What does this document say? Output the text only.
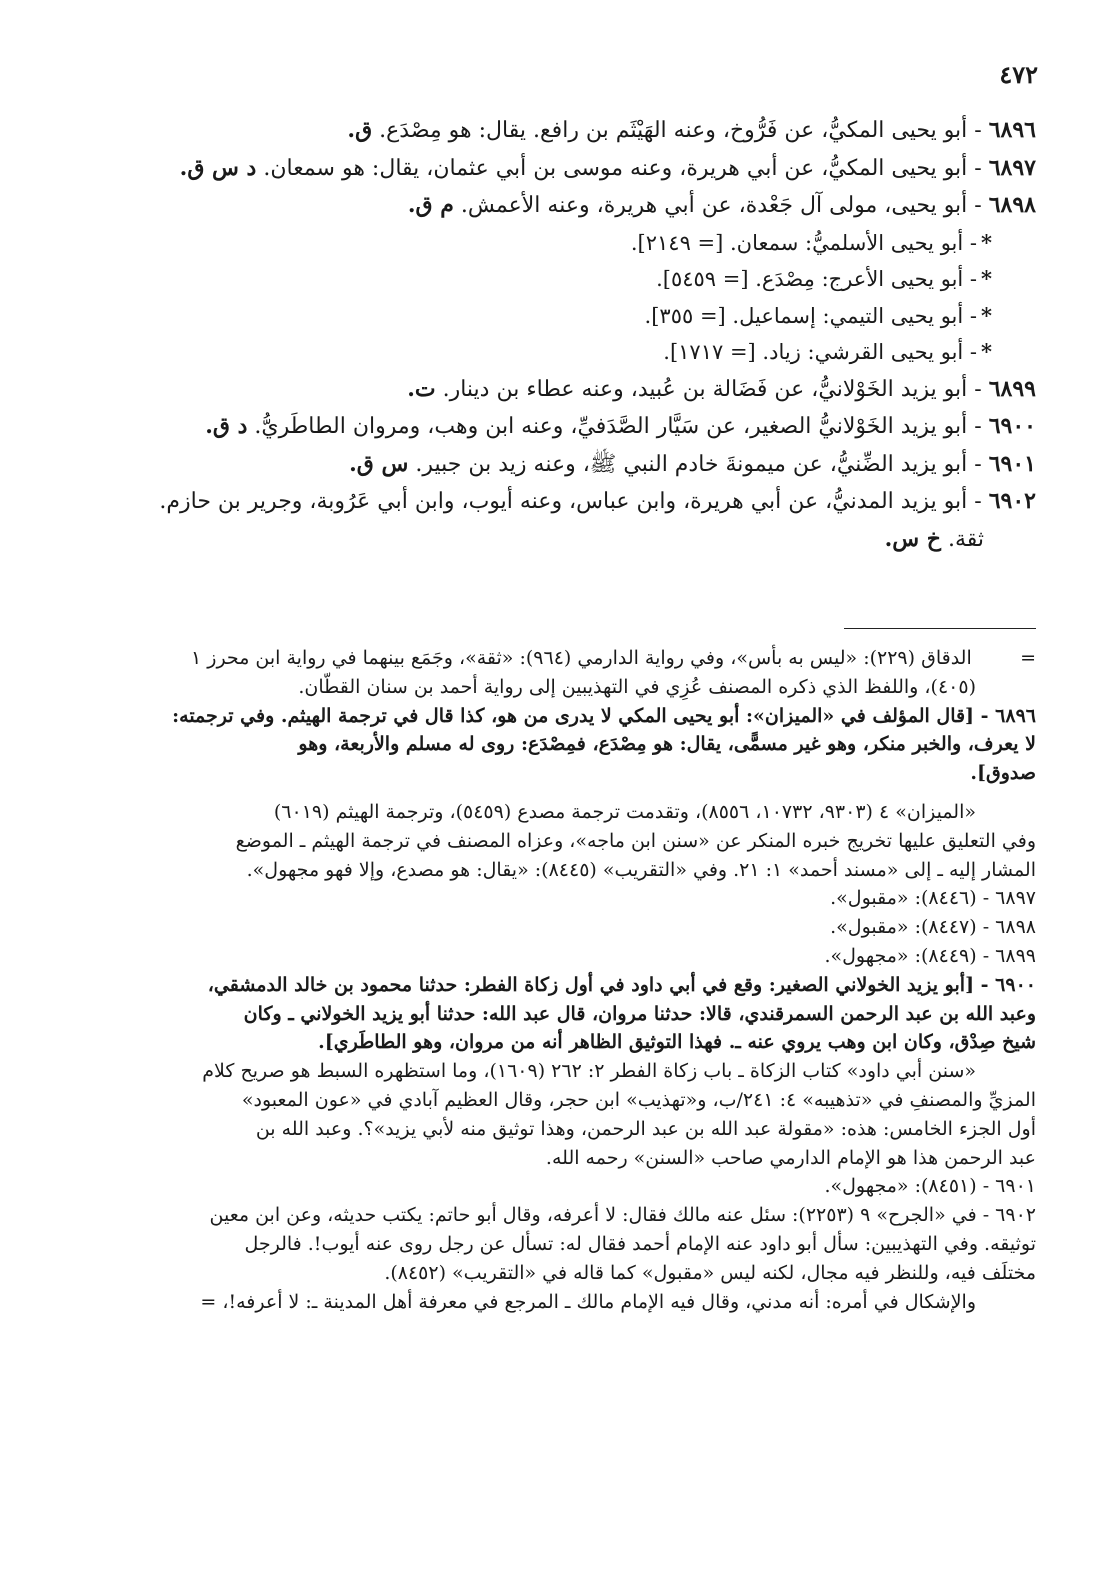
٤٧٢
٦٨٩٦ - أبو يحيى المكيُّ، عن فَرُّوخ، وعنه الهَيْثَم بن رافع. يقال: هو مِصْدَع. ق.
٦٨٩٧ - أبو يحيى المكيُّ، عن أبي هريرة، وعنه موسى بن أبي عثمان، يقال: هو سمعان. د س ق.
٦٨٩٨ - أبو يحيى، مولى آل جَعْدة، عن أبي هريرة، وعنه الأعمش. م ق.
*- أبو يحيى الأسلميُّ: سمعان. [= ٢١٤٩].
*- أبو يحيى الأعرج: مِصْدَع. [= ٥٤٥٩].
*- أبو يحيى التيمي: إسماعيل. [= ٣٥٥].
*- أبو يحيى القرشي: زياد. [= ١٧١٧].
٦٨٩٩ - أبو يزيد الخَوْلانيُّ، عن فَضَالة بن عُبيد، وعنه عطاء بن دينار. ت.
٦٩٠٠ - أبو يزيد الخَوْلانيُّ الصغير، عن سَيَّار الصَّدَفيِّ، وعنه ابن وهب، ومروان الطاطَريُّ. د ق.
٦٩٠١ - أبو يزيد الضِّنيُّ، عن ميمونةَ خادم النبي ﷺ، وعنه زيد بن جبير. س ق.
٦٩٠٢ - أبو يزيد المدنيُّ، عن أبي هريرة، وابن عباس، وعنه أيوب، وابن أبي عَرُوبة، وجرير بن حازم.
ثقة. خ س.
=        الدقاق (٢٢٩): «ليس به بأس»، وفي رواية الدارمي (٩٦٤): «ثقة»، وجَمَع بينهما في رواية ابن محرز ١
(٤٠٥)، واللفظ الذي ذكره المصنف عُزِي في التهذيبين إلى رواية أحمد بن سنان القطّان.
٦٨٩٦ - [قال المؤلف في «الميزان»: أبو يحيى المكي لا يدرى من هو، كذا قال في ترجمة الهيثم. وفي ترجمته:
لا يعرف، والخبر منكر، وهو غير مسمًّى، يقال: هو مِصْدَع، فمِصْدَع: روى له مسلم والأربعة، وهو
صدوق].
«الميزان» ٤ (٩٣٠٣، ١٠٧٣٢، ٨٥٥٦)، وتقدمت ترجمة مصدع (٥٤٥٩)، وترجمة الهيثم (٦٠١٩)
وفي التعليق عليها تخريج خبره المنكر عن «سنن ابن ماجه»، وعزاه المصنف في ترجمة الهيثم ـ الموضع
المشار إليه ـ إلى «مسند أحمد» ١: ٢١. وفي «التقريب» (٨٤٤٥): «يقال: هو مصدع، وإلا فهو مجهول».
٦٨٩٧ - (٨٤٤٦): «مقبول».
٦٨٩٨ - (٨٤٤٧): «مقبول».
٦٨٩٩ - (٨٤٤٩): «مجهول».
٦٩٠٠ - [أبو يزيد الخولاني الصغير: وقع في أبي داود في أول زكاة الفطر: حدثنا محمود بن خالد الدمشقي،
وعبد الله بن عبد الرحمن السمرقندي، قالا: حدثنا مروان، قال عبد الله: حدثنا أبو يزيد الخولاني ـ وكان
شيخ صِدْق، وكان ابن وهب يروي عنه ـ. فهذا التوثيق الظاهر أنه من مروان، وهو الطاطَري].
«سنن أبي داود» كتاب الزكاة ـ باب زكاة الفطر ٢: ٢٦٢ (١٦٠٩)، وما استظهره السبط هو صريح كلام
المزيِّ والمصنفِ في «تذهيبه» ٤: ٢٤١/ب، و«تهذيب» ابن حجر، وقال العظيم آبادي في «عون المعبود»
أول الجزء الخامس: هذه: «مقولة عبد الله بن عبد الرحمن، وهذا توثيق منه لأبي يزيد»؟. وعبد الله بن
عبد الرحمن هذا هو الإمام الدارمي صاحب «السنن» رحمه الله.
٦٩٠١ - (٨٤٥١): «مجهول».
٦٩٠٢ - في «الجرح» ٩ (٢٢٥٣): سئل عنه مالك فقال: لا أعرفه، وقال أبو حاتم: يكتب حديثه، وعن ابن معين
توثيقه. وفي التهذيبين: سأل أبو داود عنه الإمام أحمد فقال له: تسأل عن رجل روى عنه أيوب!. فالرجل
مختلَف فيه، وللنظر فيه مجال، لكنه ليس «مقبول» كما قاله في «التقريب» (٨٤٥٢).
والإشكال في أمره: أنه مدني، وقال فيه الإمام مالك ـ المرجع في معرفة أهل المدينة ـ: لا أعرفه!، =
